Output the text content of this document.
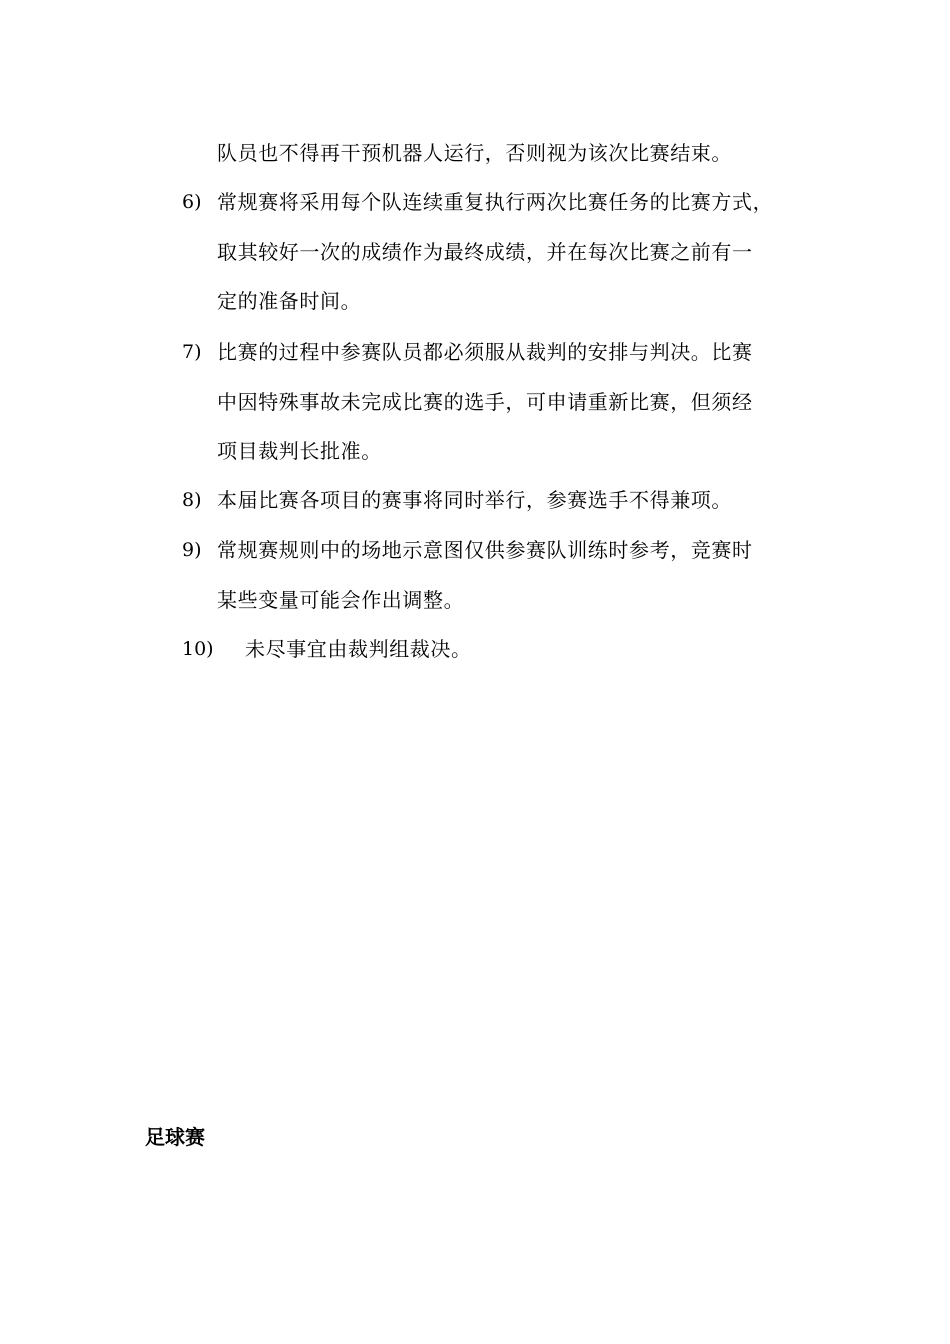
队员也不得再干预机器人运行，否则视为该次比赛结束。
6) 常规赛将采用每个队连续重复执行两次比赛任务的比赛方式，
取其较好一次的成绩作为最终成绩，并在每次比赛之前有一
定的准备时间。
7) 比赛的过程中参赛队员都必须服从裁判的安排与判决。比赛
中因特殊事故未完成比赛的选手，可申请重新比赛，但须经
项目裁判长批准。
8) 本届比赛各项目的赛事将同时举行，参赛选手不得兼项。
9) 常规赛规则中的场地示意图仅供参赛队训练时参考，竞赛时
某些变量可能会作出调整。
10) 未尽事宜由裁判组裁决。
足球赛
